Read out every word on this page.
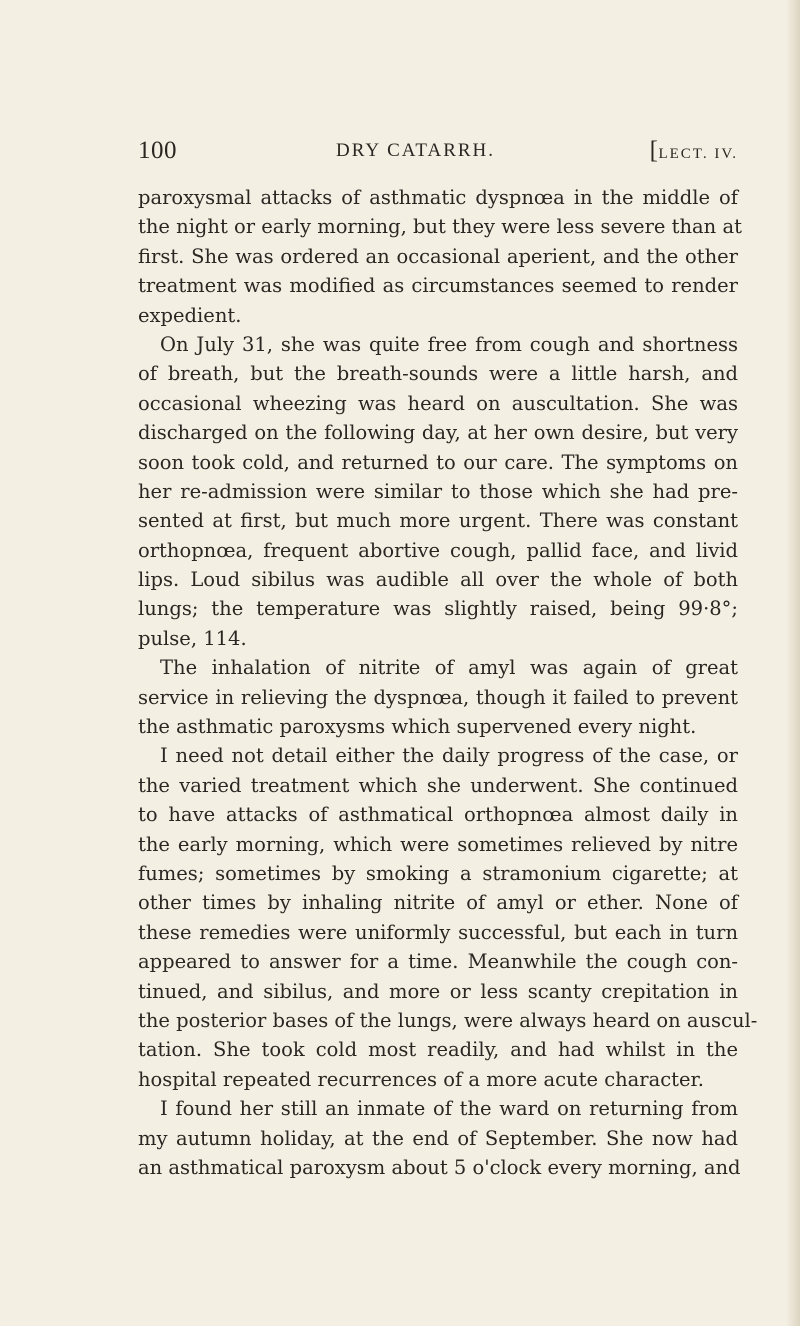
100	DRY CATARRH.	[LECT. IV.
paroxysmal attacks of asthmatic dyspnœa in the middle of
the night or early morning, but they were less severe than at
first. She was ordered an occasional aperient, and the other
treatment was modified as circumstances seemed to render
expedient.
On July 31, she was quite free from cough and shortness
of breath, but the breath-sounds were a little harsh, and
occasional wheezing was heard on auscultation. She was
discharged on the following day, at her own desire, but very
soon took cold, and returned to our care. The symptoms on
her re-admission were similar to those which she had pre-
sented at first, but much more urgent. There was constant
orthopnœa, frequent abortive cough, pallid face, and livid
lips. Loud sibilus was audible all over the whole of both
lungs; the temperature was slightly raised, being 99·8°;
pulse, 114.
The inhalation of nitrite of amyl was again of great
service in relieving the dyspnœa, though it failed to prevent
the asthmatic paroxysms which supervened every night.
I need not detail either the daily progress of the case, or
the varied treatment which she underwent. She continued
to have attacks of asthmatical orthopnœa almost daily in
the early morning, which were sometimes relieved by nitre
fumes; sometimes by smoking a stramonium cigarette; at
other times by inhaling nitrite of amyl or ether. None of
these remedies were uniformly successful, but each in turn
appeared to answer for a time. Meanwhile the cough con-
tinued, and sibilus, and more or less scanty crepitation in
the posterior bases of the lungs, were always heard on auscul-
tation. She took cold most readily, and had whilst in the
hospital repeated recurrences of a more acute character.
I found her still an inmate of the ward on returning from
my autumn holiday, at the end of September. She now had
an asthmatical paroxysm about 5 o'clock every morning, and
